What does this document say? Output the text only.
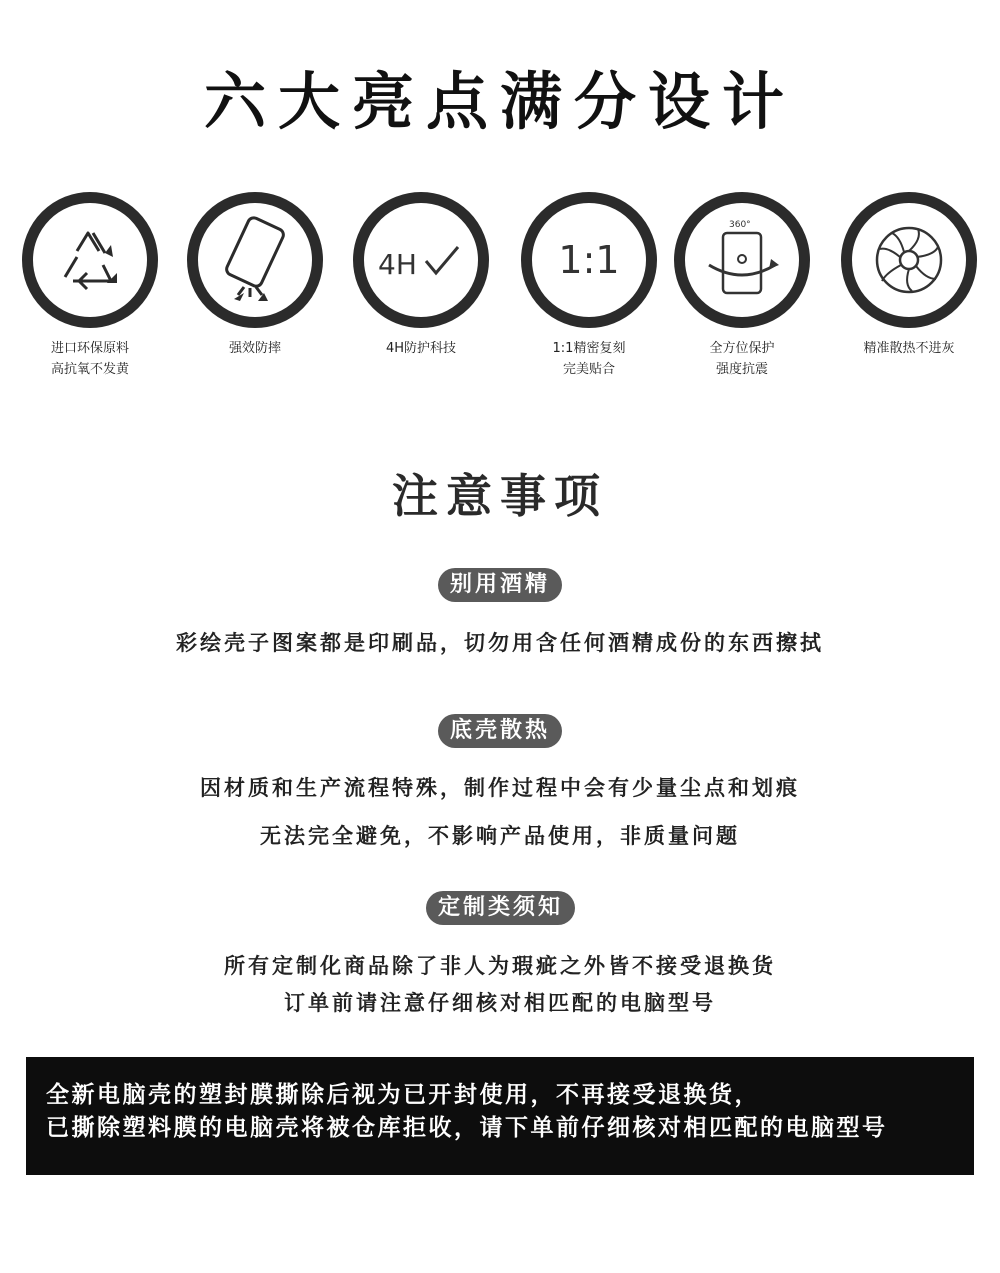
六大亮点满分设计
进口环保原料
高抗氧不发黄
强效防摔
4H
4H防护科技
1:1
1:1精密复刻
完美贴合
360°
全方位保护
强度抗震
精准散热不进灰
注意事项
别用酒精

彩绘壳子图案都是印刷品，切勿用含任何酒精成份的东西擦拭

底壳散热

因材质和生产流程特殊，制作过程中会有少量尘点和划痕

无法完全避免，不影响产品使用，非质量问题

定制类须知

所有定制化商品除了非人为瑕疵之外皆不接受退换货

订单前请注意仔细核对相匹配的电脑型号

全新电脑壳的塑封膜撕除后视为已开封使用，不再接受退换货，

已撕除塑料膜的电脑壳将被仓库拒收，请下单前仔细核对相匹配的电脑型号
